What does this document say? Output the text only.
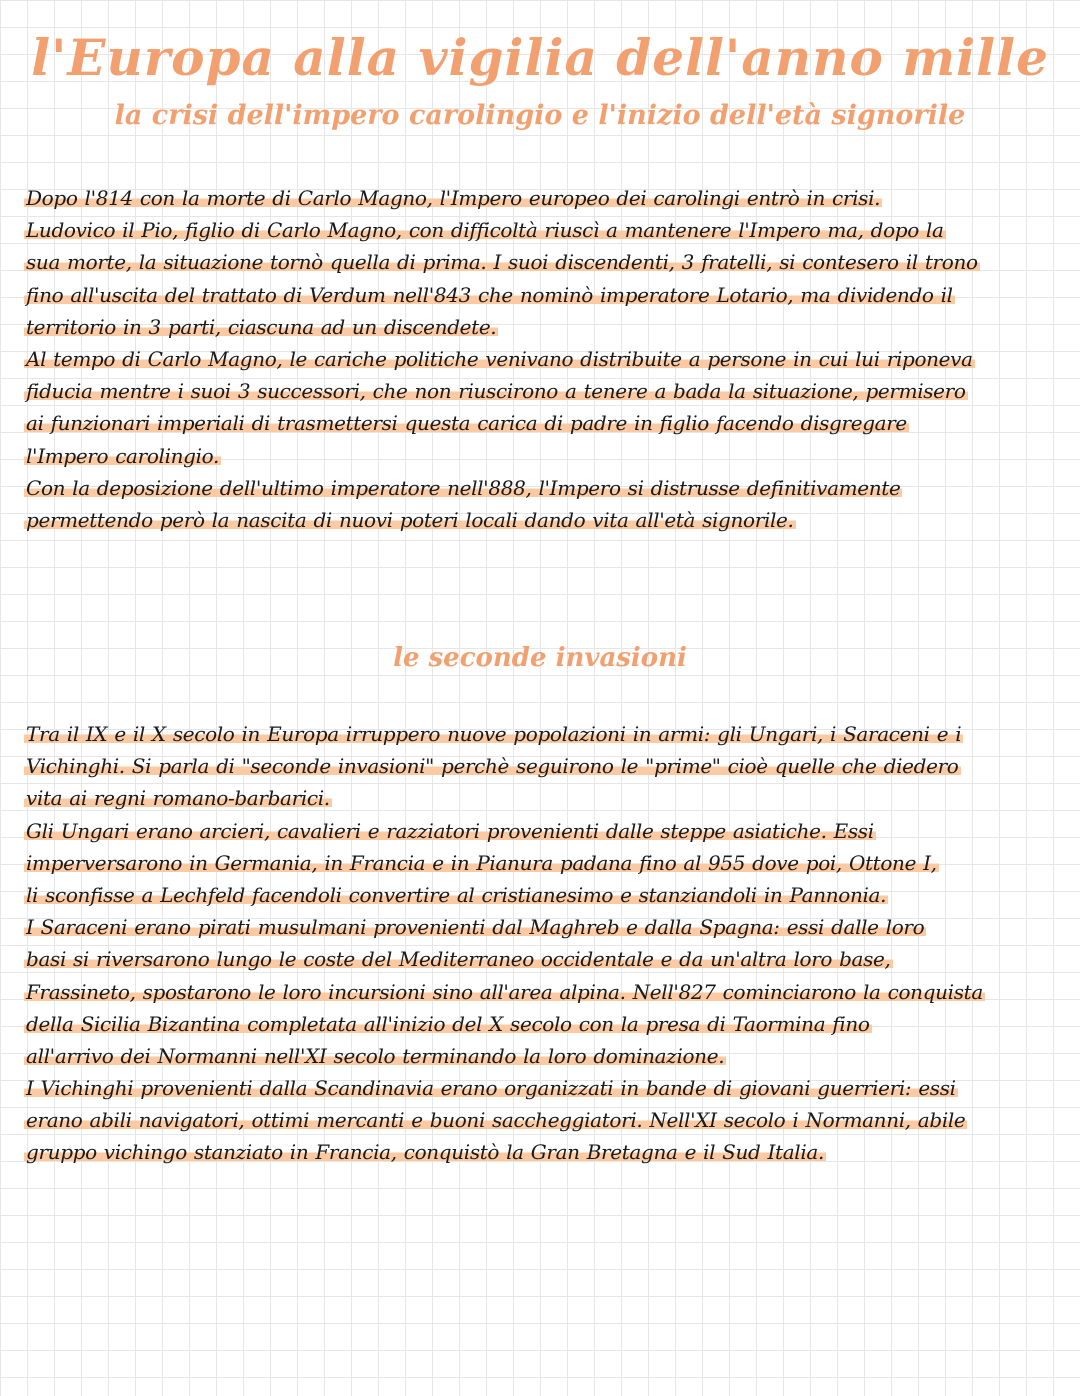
l'Europa alla vigilia dell'anno mille
la crisi dell'impero carolingio e l'inizio dell'età signorile
Dopo l'814 con la morte di Carlo Magno, l'Impero europeo dei carolingi entrò in crisi.
Ludovico il Pio, figlio di Carlo Magno, con difficoltà riuscì a mantenere l'Impero ma, dopo la
sua morte, la situazione tornò quella di prima. I suoi discendenti, 3 fratelli, si contesero il trono
fino all'uscita del trattato di Verdum nell'843 che nominò imperatore Lotario, ma dividendo il
territorio in 3 parti, ciascuna ad un discendete.
Al tempo di Carlo Magno, le cariche politiche venivano distribuite a persone in cui lui riponeva
fiducia mentre i suoi 3 successori, che non riuscirono a tenere a bada la situazione, permisero
ai funzionari imperiali di trasmettersi questa carica di padre in figlio facendo disgregare
l'Impero carolingio.
Con la deposizione dell'ultimo imperatore nell'888, l'Impero si distrusse definitivamente
permettendo però la nascita di nuovi poteri locali dando vita all'età signorile.
le seconde invasioni
Tra il IX e il X secolo in Europa irruppero nuove popolazioni in armi: gli Ungari, i Saraceni e i
Vichinghi. Si parla di "seconde invasioni" perchè seguirono le "prime" cioè quelle che diedero
vita ai regni romano-barbarici.
Gli Ungari erano arcieri, cavalieri e razziatori provenienti dalle steppe asiatiche. Essi
imperversarono in Germania, in Francia e in Pianura padana fino al 955 dove poi, Ottone I,
li sconfisse a Lechfeld facendoli convertire al cristianesimo e stanziandoli in Pannonia.
I Saraceni erano pirati musulmani provenienti dal Maghreb e dalla Spagna: essi dalle loro
basi si riversarono lungo le coste del Mediterraneo occidentale e da un'altra loro base,
Frassineto, spostarono le loro incursioni sino all'area alpina. Nell'827 cominciarono la conquista
della Sicilia Bizantina completata all'inizio del X secolo con la presa di Taormina fino
all'arrivo dei Normanni nell'XI secolo terminando la loro dominazione.
I Vichinghi provenienti dalla Scandinavia erano organizzati in bande di giovani guerrieri: essi
erano abili navigatori, ottimi mercanti e buoni saccheggiatori. Nell'XI secolo i Normanni, abile
gruppo vichingo stanziato in Francia, conquistò la Gran Bretagna e il Sud Italia.
